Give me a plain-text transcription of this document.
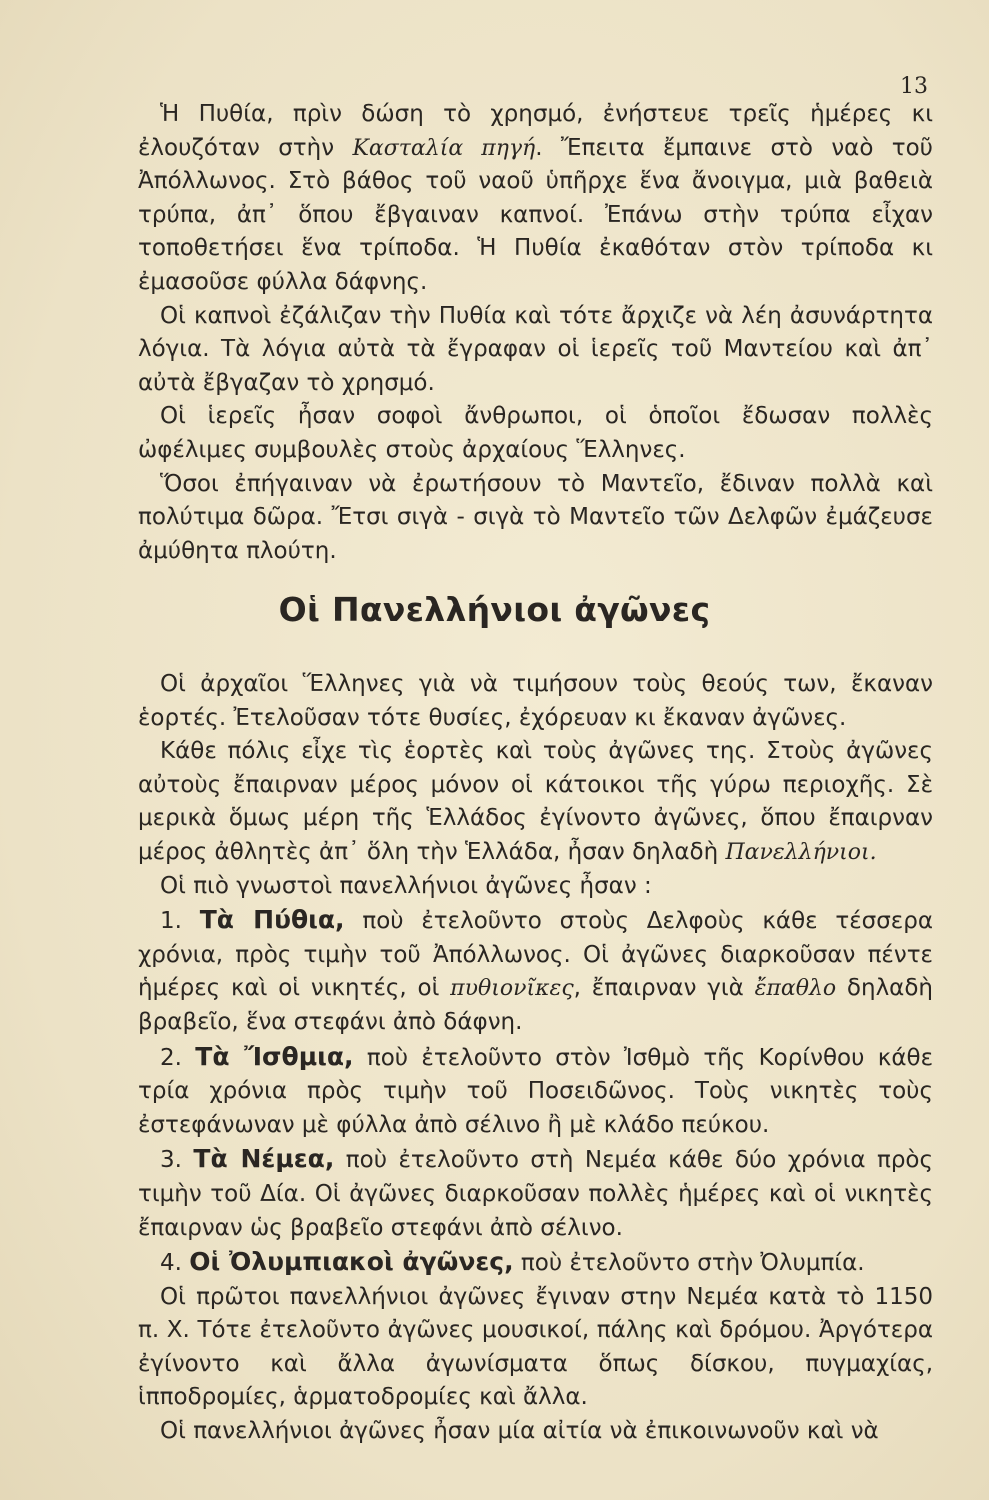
13

Ἡ Πυθία, πρὶν δώση τὸ χρησμό, ἐνήστευε τρεῖς ἡμέρες κι ἐλουζόταν στὴν Κασταλία πηγή. Ἔπειτα ἔμπαινε στὸ ναὸ τοῦ Ἀπόλλωνος. Στὸ βάθος τοῦ ναοῦ ὑπῆρχε ἕνα ἄνοιγμα, μιὰ βαθειὰ τρύπα, ἀπ᾽ ὅπου ἔβγαιναν καπνοί. Ἐπάνω στὴν τρύπα εἶχαν τοποθετήσει ἕνα τρίποδα. Ἡ Πυθία ἐκαθόταν στὸν τρίποδα κι ἐμασοῦσε φύλλα δάφνης.

Οἱ καπνοὶ ἐζάλιζαν τὴν Πυθία καὶ τότε ἄρχιζε νὰ λέη ἀσυνάρτητα λόγια. Τὰ λόγια αὐτὰ τὰ ἔγραφαν οἱ ἱερεῖς τοῦ Μαντείου καὶ ἀπ᾽ αὐτὰ ἔβγαζαν τὸ χρησμό.

Οἱ ἱερεῖς ἦσαν σοφοὶ ἄνθρωποι, οἱ ὁποῖοι ἔδωσαν πολλὲς ὠφέλιμες συμβουλὲς στοὺς ἀρχαίους Ἕλληνες.

Ὅσοι ἐπήγαιναν νὰ ἐρωτήσουν τὸ Μαντεῖο, ἔδιναν πολλὰ καὶ πολύτιμα δῶρα. Ἔτσι σιγὰ - σιγὰ τὸ Μαντεῖο τῶν Δελφῶν ἐμάζευσε ἀμύθητα πλούτη.

Οἱ Πανελλήνιοι ἀγῶνες

Οἱ ἀρχαῖοι Ἕλληνες γιὰ νὰ τιμήσουν τοὺς θεούς των, ἔκαναν ἑορτές. Ἐτελοῦσαν τότε θυσίες, ἐχόρευαν κι ἔκαναν ἀγῶνες.

Κάθε πόλις εἶχε τὶς ἑορτὲς καὶ τοὺς ἀγῶνες της. Στοὺς ἀγῶνες αὐτοὺς ἔπαιρναν μέρος μόνον οἱ κάτοικοι τῆς γύρω περιοχῆς. Σὲ μερικὰ ὅμως μέρη τῆς Ἑλλάδος ἐγίνοντο ἀγῶνες, ὅπου ἔπαιρναν μέρος ἀθλητὲς ἀπ᾽ ὅλη τὴν Ἑλλάδα, ἦσαν δηλαδὴ Πανελλήνιοι.

Οἱ πιὸ γνωστοὶ πανελλήνιοι ἀγῶνες ἦσαν :

1. Τὰ Πύθια, ποὺ ἐτελοῦντο στοὺς Δελφοὺς κάθε τέσσερα χρόνια, πρὸς τιμὴν τοῦ Ἀπόλλωνος. Οἱ ἀγῶνες διαρκοῦσαν πέντε ἡμέρες καὶ οἱ νικητές, οἱ πυθιονῖκες, ἔπαιρναν γιὰ ἔπαθλο δηλαδὴ βραβεῖο, ἕνα στεφάνι ἀπὸ δάφνη.

2. Τὰ Ἴσθμια, ποὺ ἐτελοῦντο στὸν Ἰσθμὸ τῆς Κορίνθου κάθε τρία χρόνια πρὸς τιμὴν τοῦ Ποσειδῶνος. Τοὺς νικητὲς τοὺς ἐστεφάνωναν μὲ φύλλα ἀπὸ σέλινο ἢ μὲ κλάδο πεύκου.

3. Τὰ Νέμεα, ποὺ ἐτελοῦντο στὴ Νεμέα κάθε δύο χρόνια πρὸς τιμὴν τοῦ Δία. Οἱ ἀγῶνες διαρκοῦσαν πολλὲς ἡμέρες καὶ οἱ νικητὲς ἔπαιρναν ὡς βραβεῖο στεφάνι ἀπὸ σέλινο.

4. Οἱ Ὀλυμπιακοὶ ἀγῶνες, ποὺ ἐτελοῦντο στὴν Ὀλυμπία.

Οἱ πρῶτοι πανελλήνιοι ἀγῶνες ἔγιναν στην Νεμέα κατὰ τὸ 1150 π. Χ. Τότε ἐτελοῦντο ἀγῶνες μουσικοί, πάλης καὶ δρόμου. Ἀργότερα ἐγίνοντο καὶ ἄλλα ἀγωνίσματα ὅπως δίσκου, πυγμαχίας, ἱπποδρομίες, ἁρματοδρομίες καὶ ἄλλα.

Οἱ πανελλήνιοι ἀγῶνες ἦσαν μία αἰτία νὰ ἐπικοινωνοῦν καὶ νὰ
